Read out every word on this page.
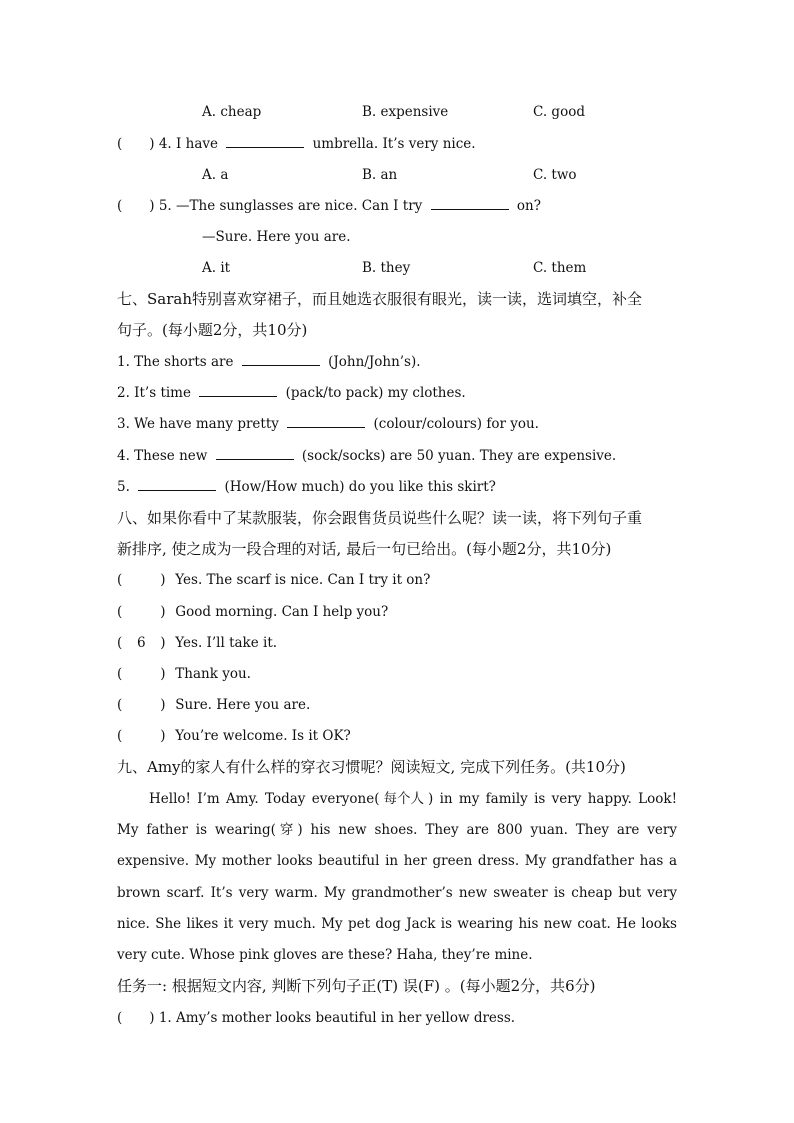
A. cheap	B. expensive	C. good
(　　) 4. I have	umbrella. It’s very nice.
A. a	B. an	C. two
(　　) 5. —The sunglasses are nice. Can I try	on?
—Sure. Here you are.
A. it	B. they	C. them
七、Sarah特别喜欢穿裙子，而且她选衣服很有眼光，读一读，选词填空，补全
句子。(每小题2分，共10分)
1. The shorts are	(John/John’s).
2. It’s time	(pack/to pack) my clothes.
3. We have many pretty	(colour/colours) for you.
4. These new	(sock/socks) are 50 yuan. They are expensive.
5.	(How/How much) do you like this skirt?
八、如果你看中了某款服装，你会跟售货员说些什么呢？读一读，将下列句子重
新排序, 使之成为一段合理的对话, 最后一句已给出。(每小题2分，共10分)
(	) Yes. The scarf is nice. Can I try it on?
(	) Good morning. Can I help you?
( 6 ) Yes. I’ll take it.
(	) Thank you.
(	) Sure. Here you are.
(	) You’re welcome. Is it OK?
九、Amy的家人有什么样的穿衣习惯呢？阅读短文, 完成下列任务。(共10分)
Hello! I’m Amy. Today everyone( 每个人 ) in my family is very happy. Look! My father is wearing( 穿 ) his new shoes. They are 800 yuan. They are very expensive. My mother looks beautiful in her green dress. My grandfather has a brown scarf. It’s very warm. My grandmother’s new sweater is cheap but very nice. She likes it very much. My pet dog Jack is wearing his new coat. He looks very cute. Whose pink gloves are these? Haha, they’re mine.
任务一: 根据短文内容, 判断下列句子正(T) 误(F) 。(每小题2分，共6分)
(　　) 1. Amy’s mother looks beautiful in her yellow dress.
